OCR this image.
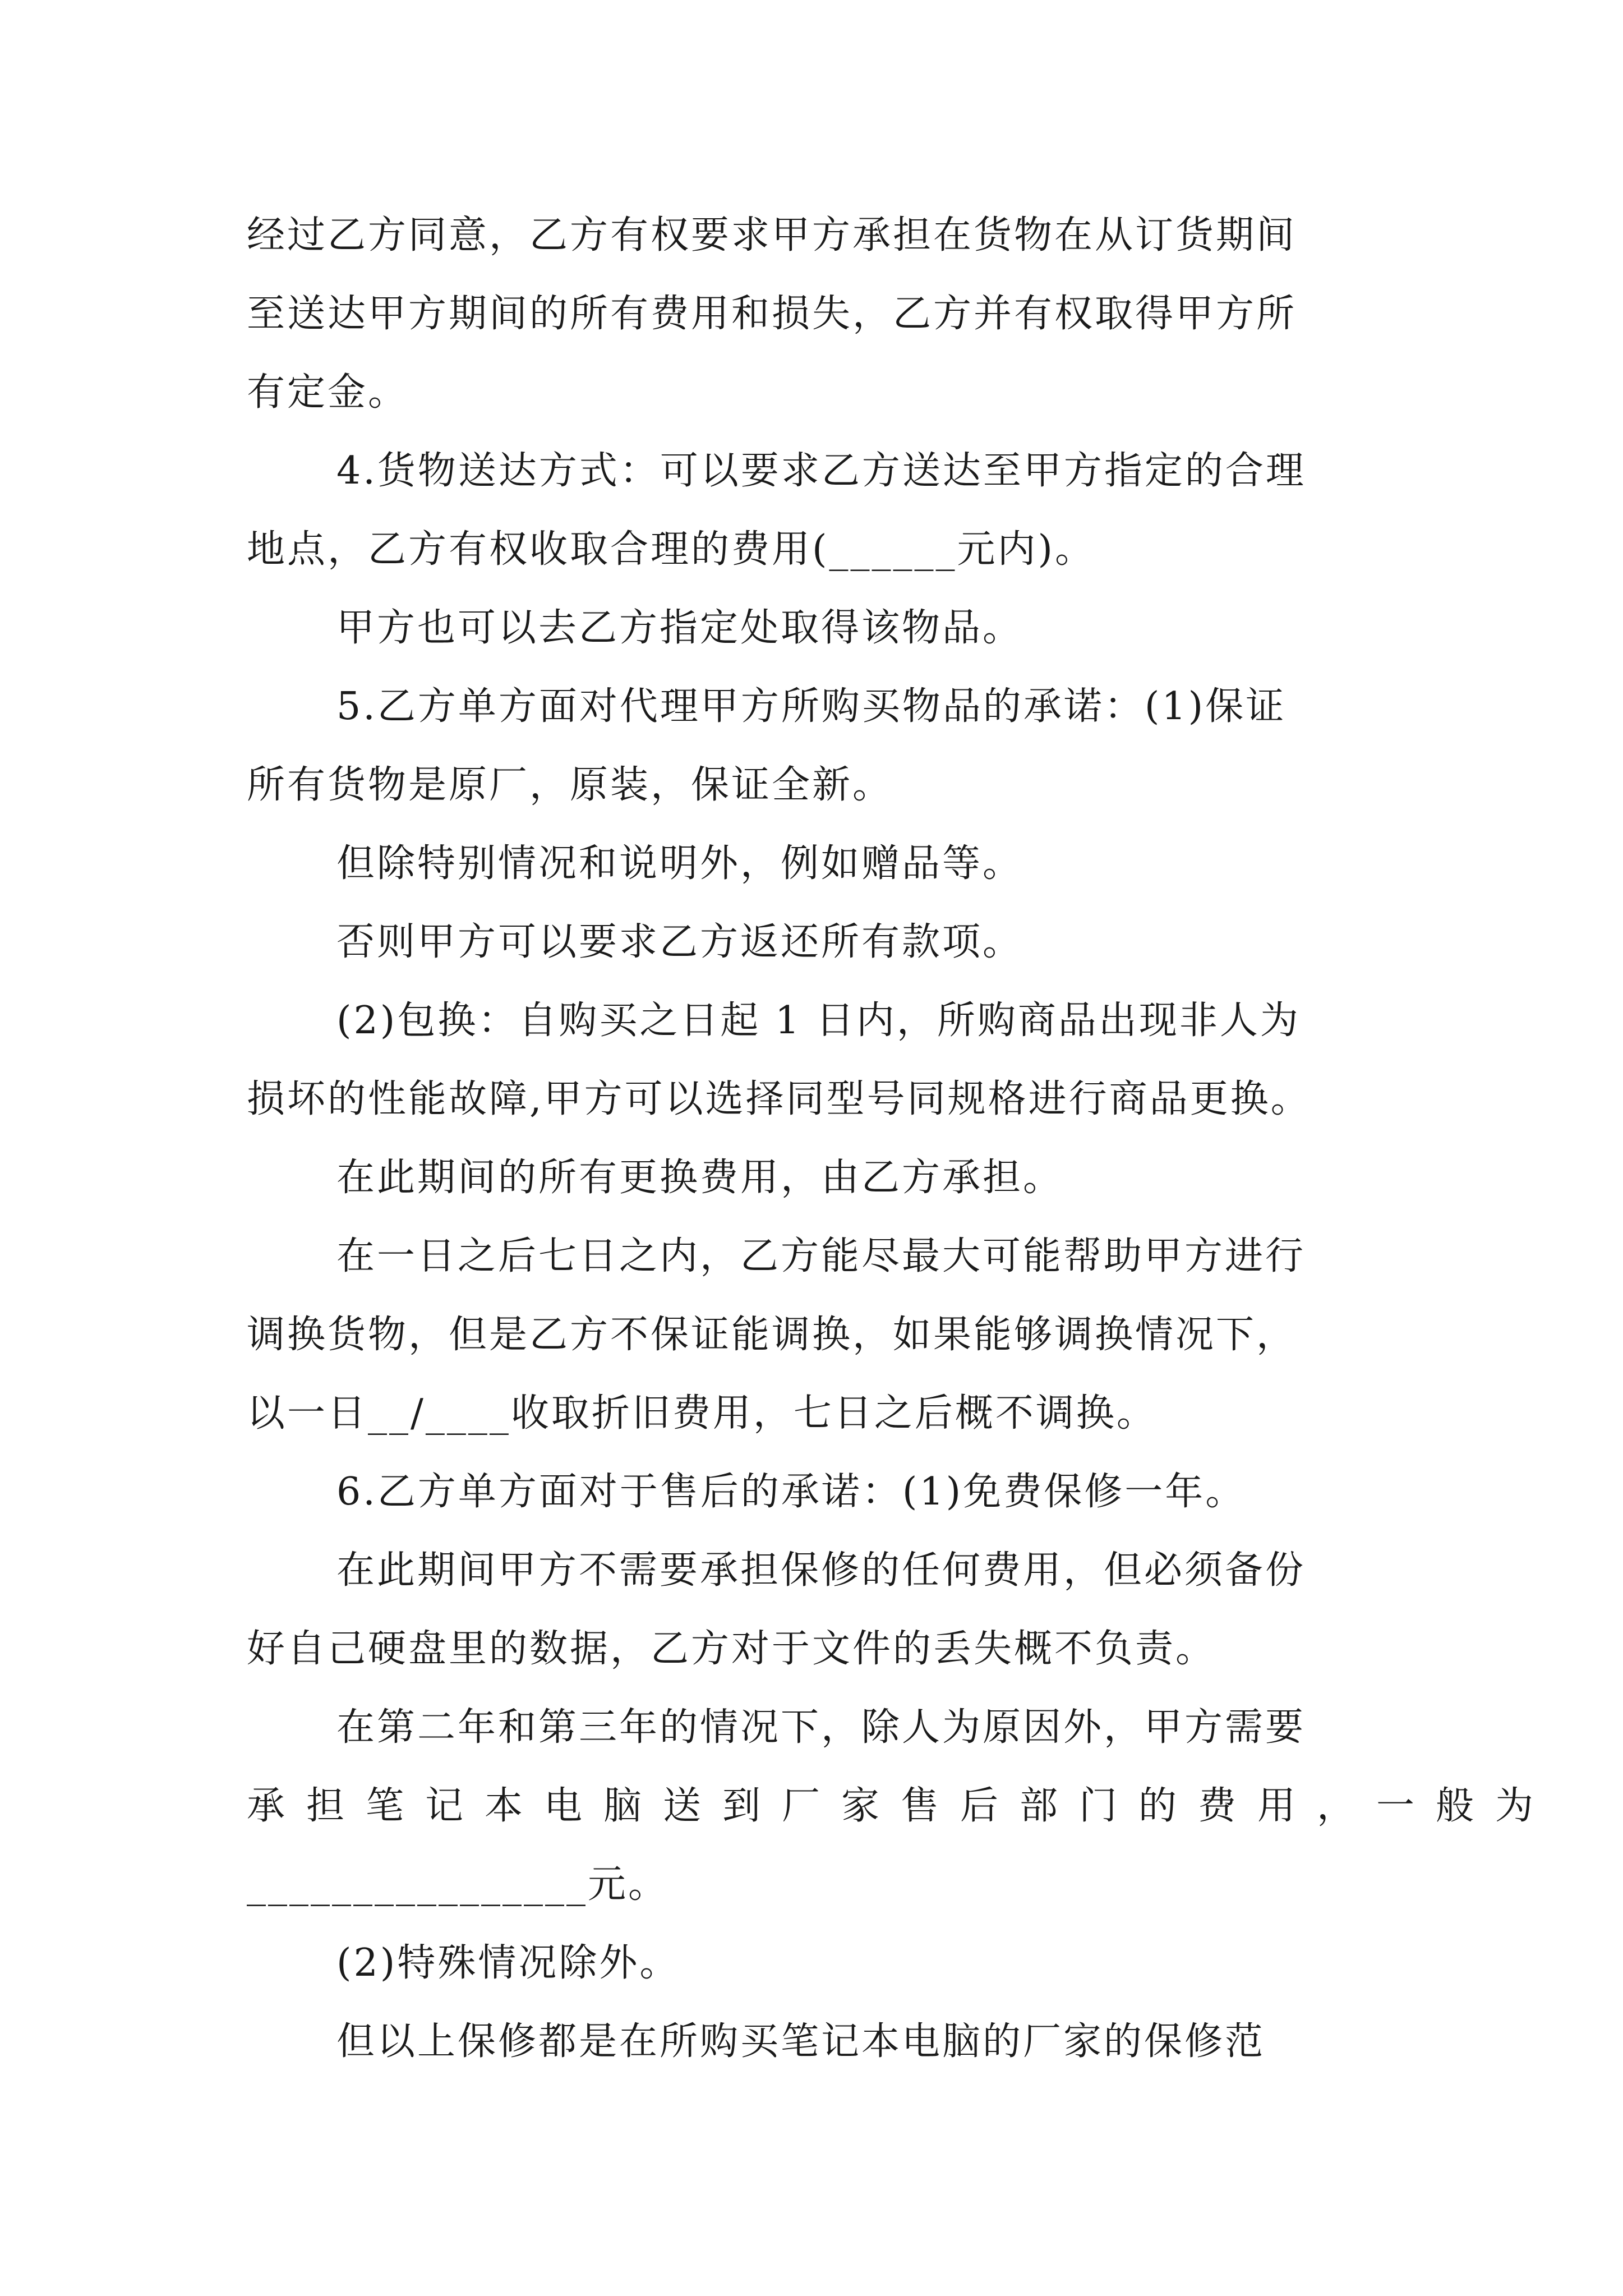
经过乙方同意，乙方有权要求甲方承担在货物在从订货期间

至送达甲方期间的所有费用和损失，乙方并有权取得甲方所

有定金。

4.货物送达方式：可以要求乙方送达至甲方指定的合理

地点，乙方有权收取合理的费用(______元内)。

甲方也可以去乙方指定处取得该物品。

5.乙方单方面对代理甲方所购买物品的承诺：(1)保证

所有货物是原厂，原装，保证全新。

但除特别情况和说明外，例如赠品等。

否则甲方可以要求乙方返还所有款项。

(2)包换：自购买之日起 1 日内，所购商品出现非人为

损坏的性能故障,甲方可以选择同型号同规格进行商品更换。

在此期间的所有更换费用，由乙方承担。

在一日之后七日之内，乙方能尽最大可能帮助甲方进行

调换货物，但是乙方不保证能调换，如果能够调换情况下，

以一日__/____收取折旧费用，七日之后概不调换。

6.乙方单方面对于售后的承诺：(1)免费保修一年。

在此期间甲方不需要承担保修的任何费用，但必须备份

好自己硬盘里的数据，乙方对于文件的丢失概不负责。

在第二年和第三年的情况下，除人为原因外，甲方需要

承担笔记本电脑送到厂家售后部门的费用，一般为

________________元。

(2)特殊情况除外。

但以上保修都是在所购买笔记本电脑的厂家的保修范
